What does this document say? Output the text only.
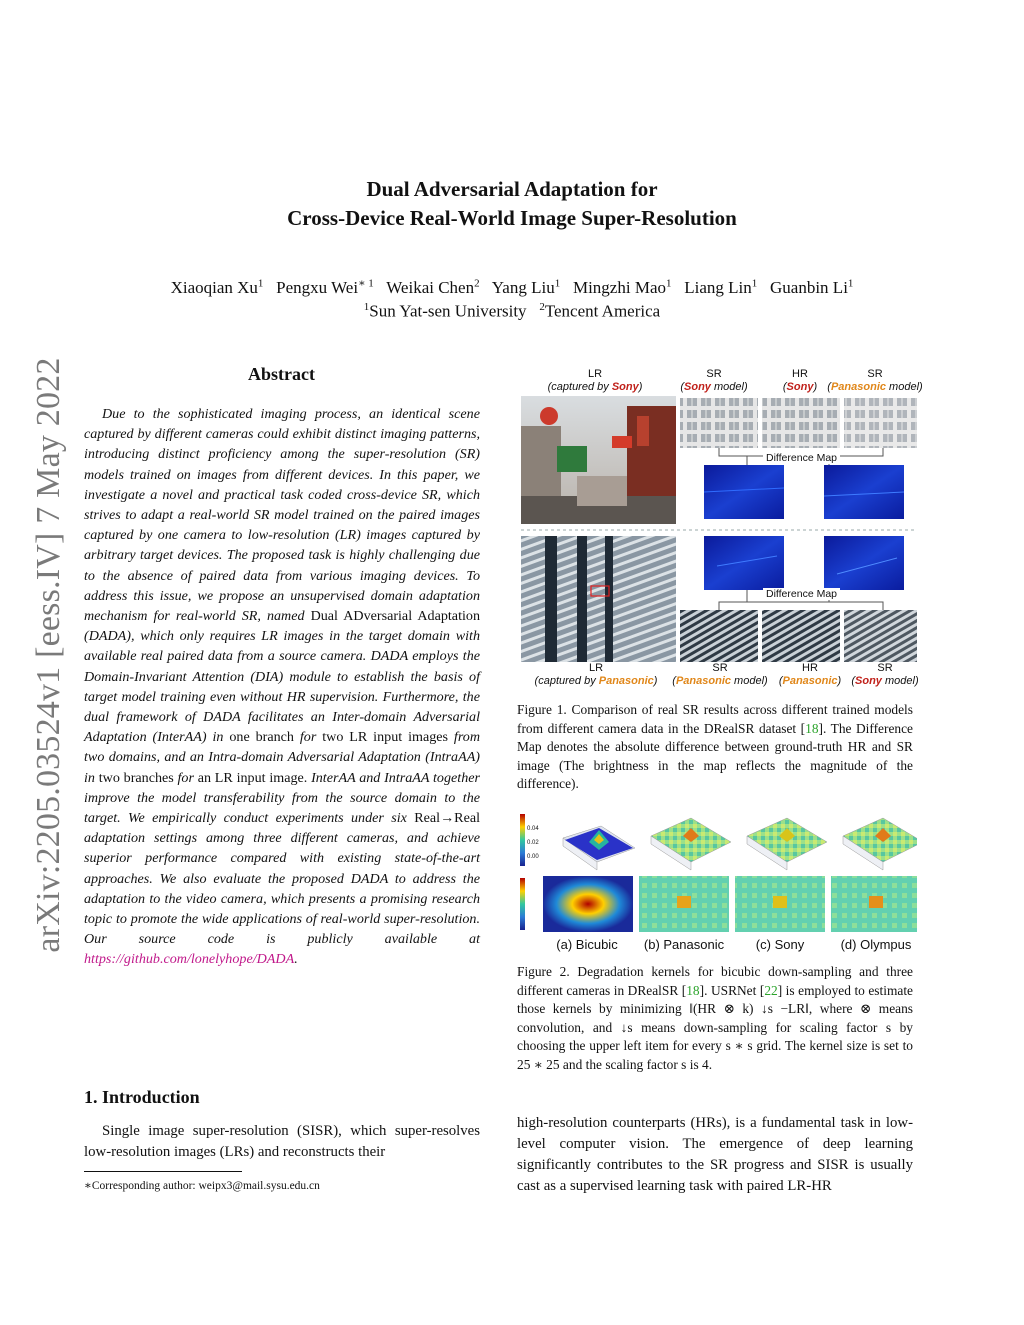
Dual Adversarial Adaptation for
Cross-Device Real-World Image Super-Resolution
Xiaoqian Xu$^1$ Pengxu Wei$^{∗ 1}$ Weikai Chen$^2$ Yang Liu$^1$ Mingzhi Mao$^1$ Liang Lin$^1$ Guanbin Li$^1$
$^1$Sun Yat-sen University $^2$Tencent America
arXiv:2205.03524v1 [eess.IV] 7 May 2022	Abstract
Due to the sophisticated imaging process, an identical scene captured by different cameras could exhibit distinct imaging patterns, introducing distinct proficiency among the super-resolution (SR) models trained on images from different devices. In this paper, we investigate a novel and practical task coded cross-device SR, which strives to adapt a real-world SR model trained on the paired images captured by one camera to low-resolution (LR) images captured by arbitrary target devices. The proposed task is highly challenging due to the absence of paired data from various imaging devices. To address this issue, we propose an unsupervised domain adaptation mechanism for real-world SR, named Dual ADversarial Adaptation (DADA), which only requires LR images in the target domain with available real paired data from a source camera. DADA employs the Domain-Invariant Attention (DIA) module to establish the basis of target model training even without HR supervision. Furthermore, the dual framework of DADA facilitates an Inter-domain Adversarial Adaptation (InterAA) in one branch for two LR input images from two domains, and an Intra-domain Adversarial Adaptation (IntraAA) in two branches for an LR input image. InterAA and IntraAA together improve the model transferability from the source domain to the target. We empirically conduct experiments under six Real→Real adaptation settings among three different cameras, and achieve superior performance compared with existing state-of-the-art approaches. We also evaluate the proposed DADA to address the adaptation to the video camera, which presents a promising research topic to promote the wide applications of real-world super-resolution. Our source code is publicly available at https://github.com/lonelyhope/DADA.
1. Introduction
Single image super-resolution (SISR), which super-resolves low-resolution images (LRs) and reconstructs their
∗Corresponding author: weipx3@mail.sysu.edu.cn
LR
(captured by Sony)
SR
(Sony model)
HR
(Sony)
SR
(Panasonic model)
Difference Map
Difference Map
LR
(captured by Panasonic)
SR
(Panasonic model)
HR
(Panasonic)
SR
(Sony model)
Figure 1. Comparison of real SR results across different trained models from different camera data in the DRealSR dataset [18]. The Difference Map denotes the absolute difference between ground-truth HR and SR image (The brightness in the map reflects the magnitude of the difference).
0.04
0.02
0.00
(a) Bicubic	(b) Panasonic	(c) Sony	(d) Olympus
Figure 2. Degradation kernels for bicubic down-sampling and three different cameras in DRealSR [18]. USRNet [22] is employed to estimate those kernels by minimizing ‖(HR ⊗ k) ↓s −LR‖, where ⊗ means convolution, and ↓s means down-sampling for scaling factor s by choosing the upper left item for every s ∗ s grid. The kernel size is set to 25 ∗ 25 and the scaling factor s is 4.
high-resolution counterparts (HRs), is a fundamental task in low-level computer vision. The emergence of deep learning significantly contributes to the SR progress and SISR is usually cast as a supervised learning task with paired LR-HR
